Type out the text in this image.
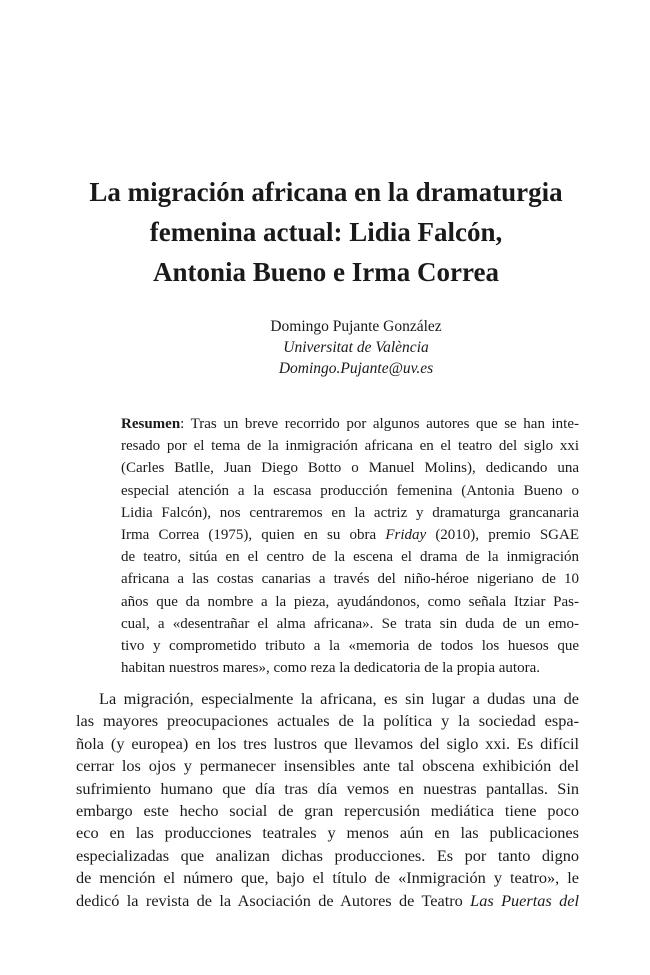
La migración africana en la dramaturgia
femenina actual: Lidia Falcón,
Antonia Bueno e Irma Correa
Domingo Pujante González
Universitat de València
Domingo.Pujante@uv.es
Resumen: Tras un breve recorrido por algunos autores que se han inte-
resado por el tema de la inmigración africana en el teatro del siglo xxi
(Carles Batlle, Juan Diego Botto o Manuel Molins), dedicando una
especial atención a la escasa producción femenina (Antonia Bueno o
Lidia Falcón), nos centraremos en la actriz y dramaturga grancanaria
Irma Correa (1975), quien en su obra Friday (2010), premio SGAE
de teatro, sitúa en el centro de la escena el drama de la inmigración
africana a las costas canarias a través del niño-héroe nigeriano de 10
años que da nombre a la pieza, ayudándonos, como señala Itziar Pas-
cual, a «desentrañar el alma africana». Se trata sin duda de un emo-
tivo y comprometido tributo a la «memoria de todos los huesos que
habitan nuestros mares», como reza la dedicatoria de la propia autora.
La migración, especialmente la africana, es sin lugar a dudas una de
las mayores preocupaciones actuales de la política y la sociedad espa-
ñola (y europea) en los tres lustros que llevamos del siglo xxi. Es difícil
cerrar los ojos y permanecer insensibles ante tal obscena exhibición del
sufrimiento humano que día tras día vemos en nuestras pantallas. Sin
embargo este hecho social de gran repercusión mediática tiene poco
eco en las producciones teatrales y menos aún en las publicaciones
especializadas que analizan dichas producciones. Es por tanto digno
de mención el número que, bajo el título de «Inmigración y teatro», le
dedicó la revista de la Asociación de Autores de Teatro Las Puertas del
